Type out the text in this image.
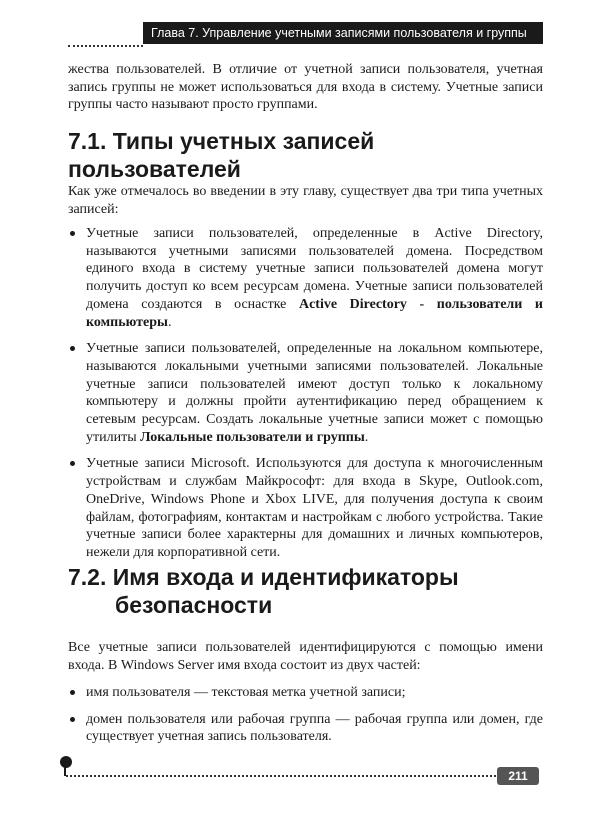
Глава 7. Управление учетными записями пользователя и группы

жества пользователей. В отличие от учетной записи пользователя, учетная запись группы не может использоваться для входа в систему. Учетные записи группы часто называют просто группами.

7.1. Типы учетных записей пользователей

Как уже отмечалось во введении в эту главу, существует два три типа учетных записей:

Учетные записи пользователей, определенные в Active Directory, называются учетными записями пользователей домена. Посредством единого входа в систему учетные записи пользователей домена могут получить доступ ко всем ресурсам домена. Учетные записи пользователей домена создаются в оснастке Active Directory - пользователи и компьютеры.
Учетные записи пользователей, определенные на локальном компьютере, называются локальными учетными записями пользователей. Локальные учетные записи пользователей имеют доступ только к локальному компьютеру и должны пройти аутентификацию перед обращением к сетевым ресурсам. Создать локальные учетные записи может с помощью утилиты Локальные пользователи и группы.
Учетные записи Microsoft. Используются для доступа к многочисленным устройствам и службам Майкрософт: для входа в Skype, Outlook.com, OneDrive, Windows Phone и Xbox LIVE, для получения доступа к своим файлам, фотографиям, контактам и настройкам с любого устройства. Такие учетные записи более характерны для домашних и личных компьютеров, нежели для корпоративной сети.
7.2. Имя входа и идентификаторы
безопасности

Все учетные записи пользователей идентифицируются с помощью имени входа. В Windows Server имя входа состоит из двух частей:

имя пользователя — текстовая метка учетной записи;
домен пользователя или рабочая группа — рабочая группа или домен, где существует учетная запись пользователя.
211
